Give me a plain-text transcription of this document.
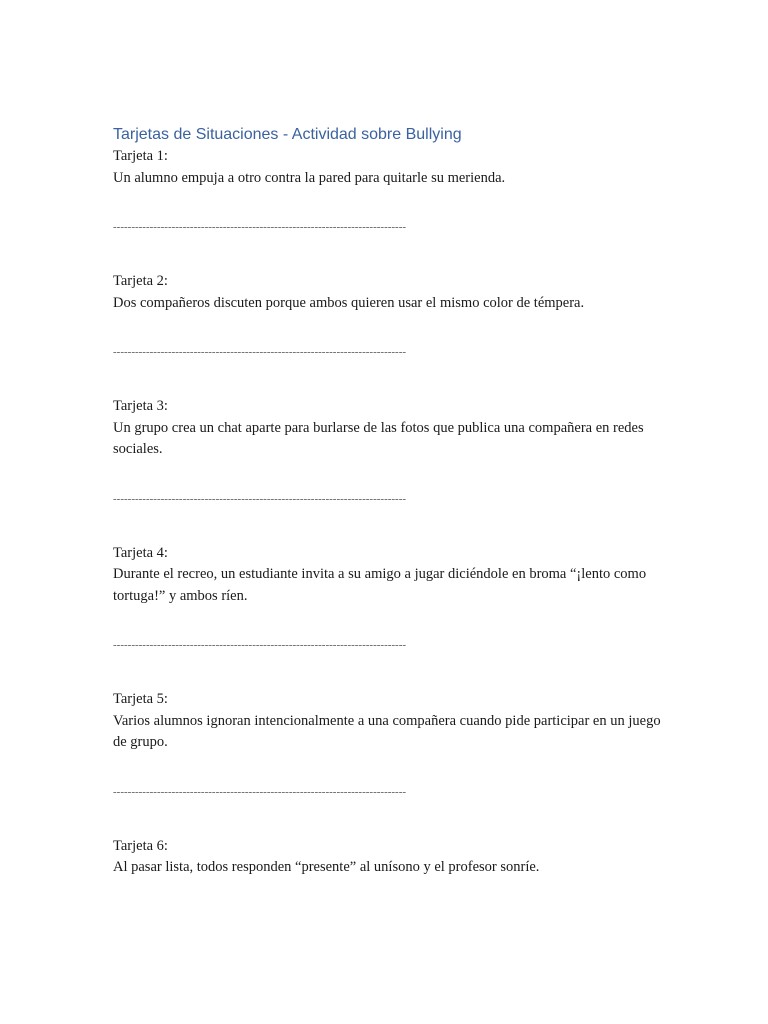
Tarjetas de Situaciones - Actividad sobre Bullying

Tarjeta 1:

Un alumno empuja a otro contra la pared para quitarle su merienda.

--------------------------------------------------------------------------------

Tarjeta 2:

Dos compañeros discuten porque ambos quieren usar el mismo color de témpera.

--------------------------------------------------------------------------------

Tarjeta 3:

Un grupo crea un chat aparte para burlarse de las fotos que publica una compañera en redes sociales.

--------------------------------------------------------------------------------

Tarjeta 4:

Durante el recreo, un estudiante invita a su amigo a jugar diciéndole en broma “¡lento como tortuga!” y ambos ríen.

--------------------------------------------------------------------------------

Tarjeta 5:

Varios alumnos ignoran intencionalmente a una compañera cuando pide participar en un juego de grupo.

--------------------------------------------------------------------------------

Tarjeta 6:

Al pasar lista, todos responden “presente” al unísono y el profesor sonríe.
